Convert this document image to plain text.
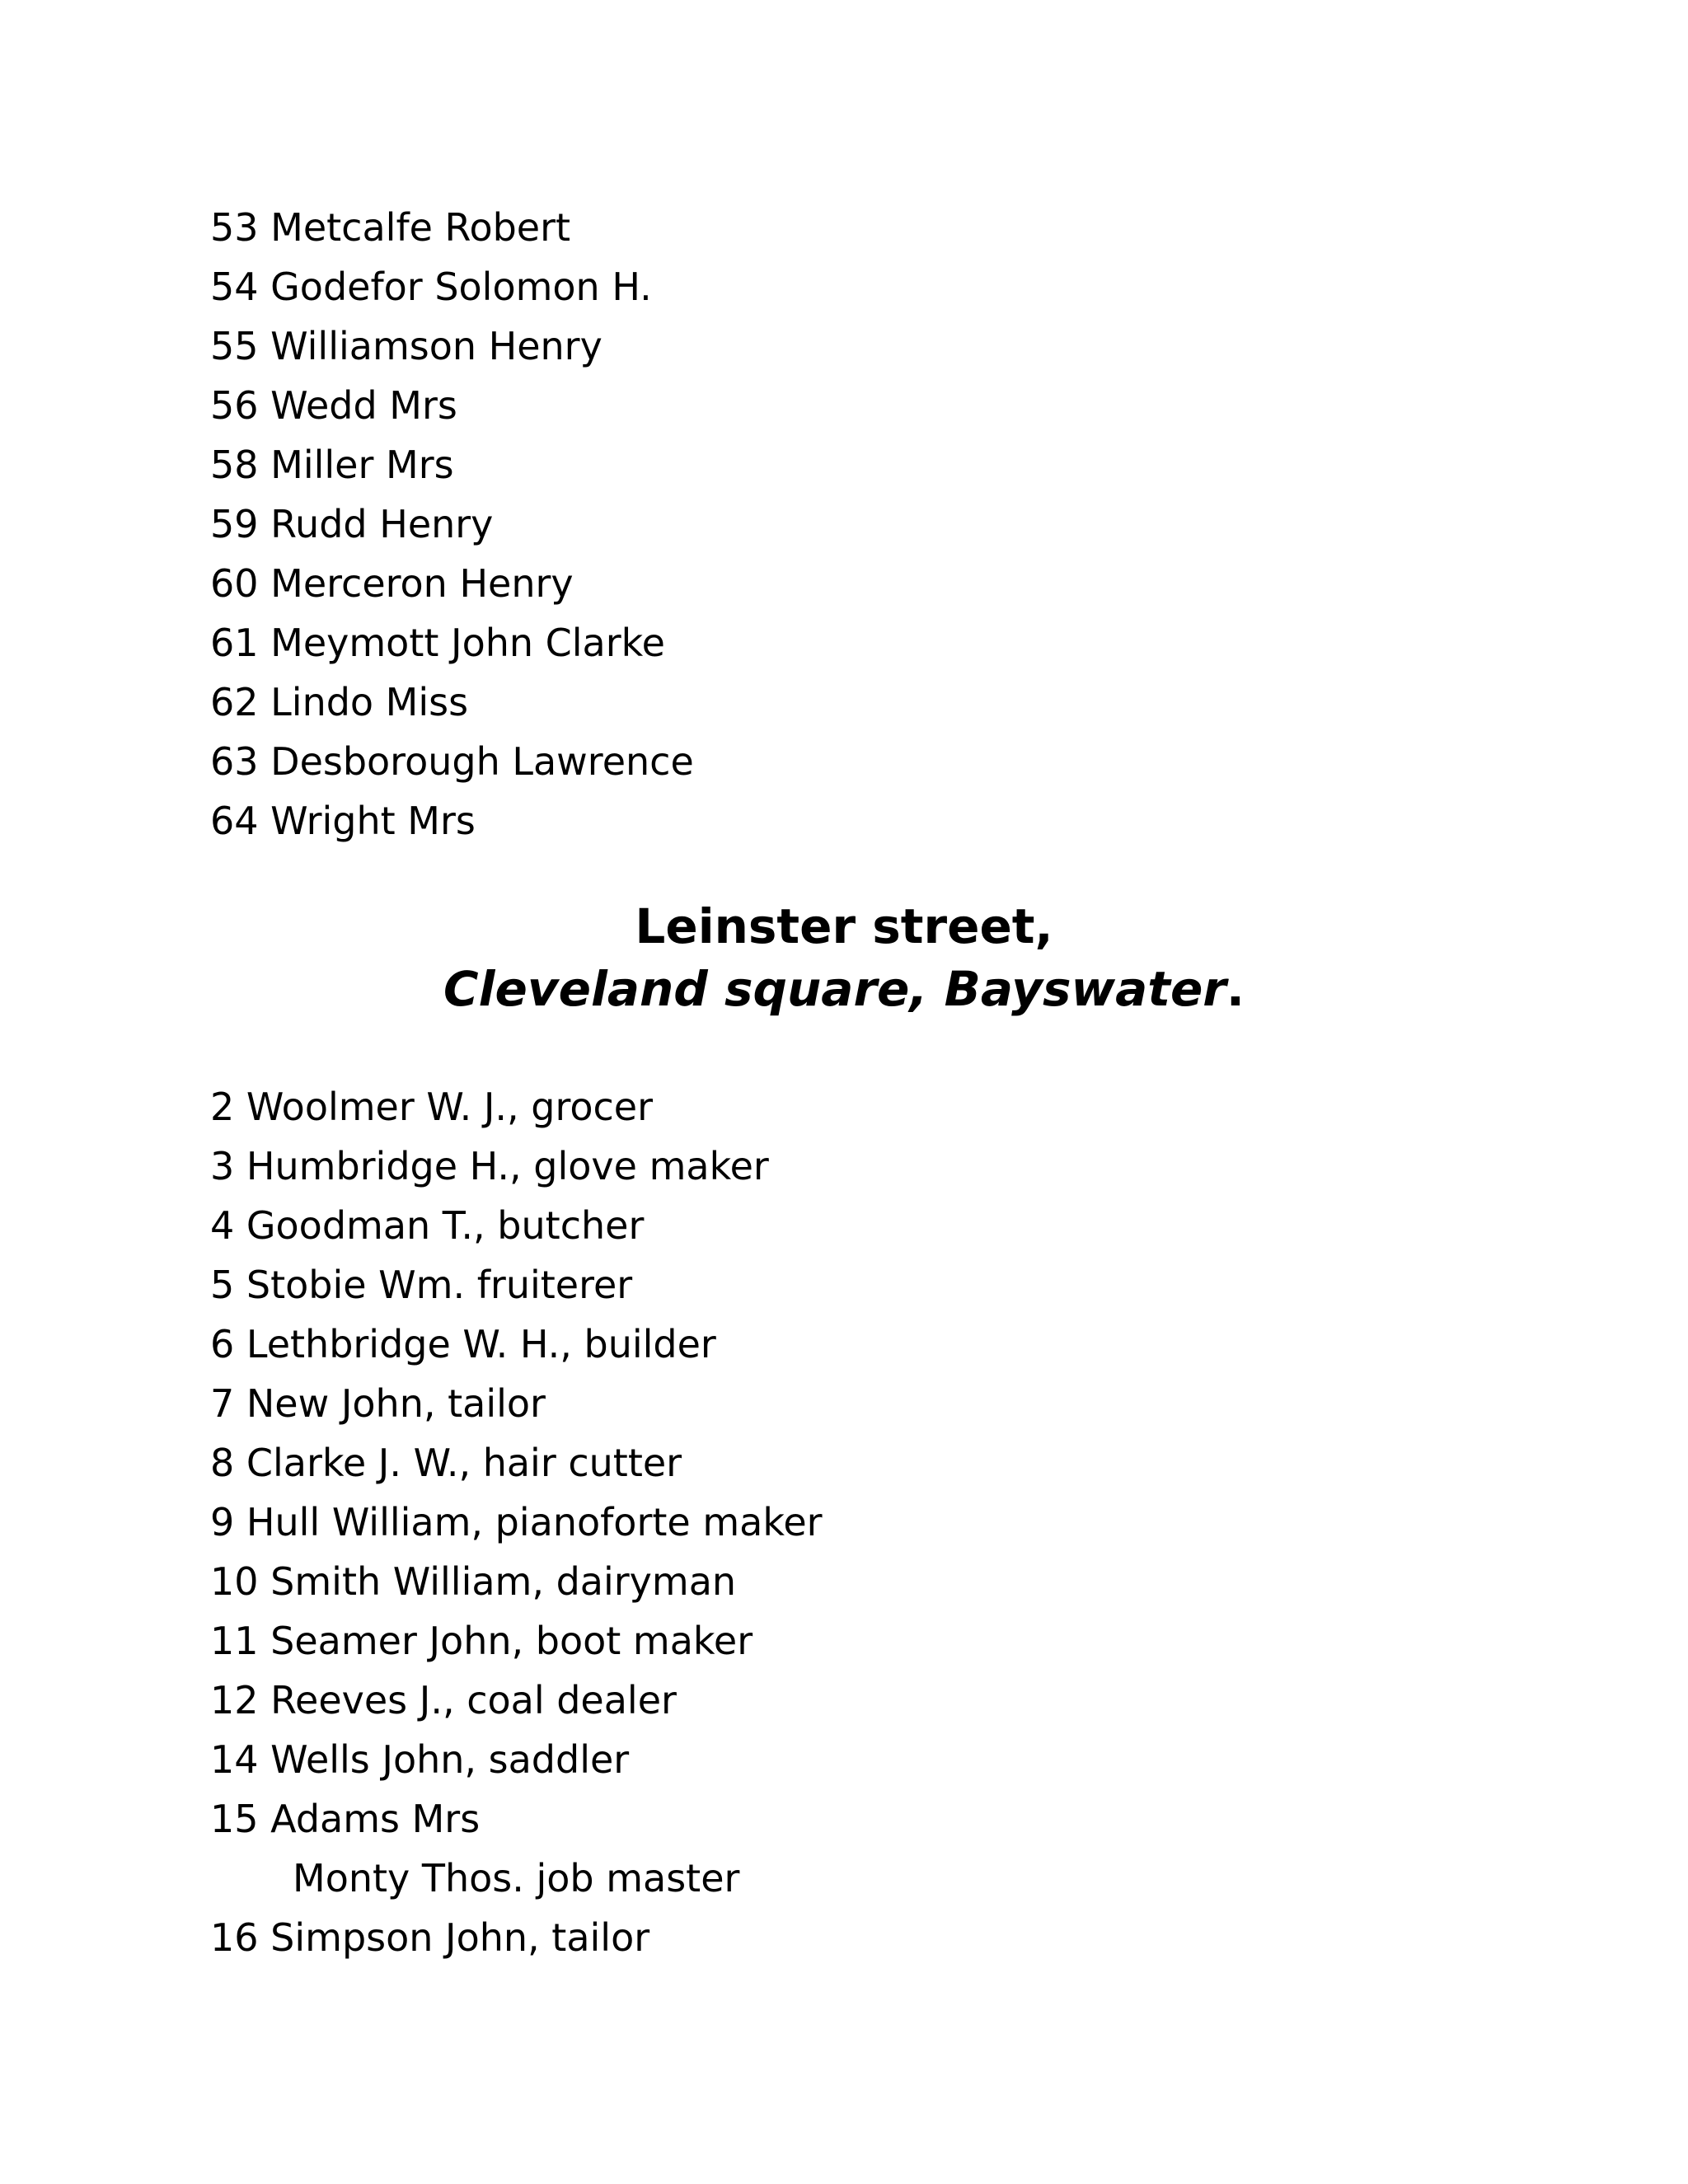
53 Metcalfe Robert
54 Godefor Solomon H.
55 Williamson Henry
56 Wedd Mrs
58 Miller Mrs
59 Rudd Henry
60 Merceron Henry
61 Meymott John Clarke
62 Lindo Miss
63 Desborough Lawrence
64 Wright Mrs
Leinster street,
Cleveland square, Bayswater.
2 Woolmer W. J., grocer
3 Humbridge H., glove maker
4 Goodman T., butcher
5 Stobie Wm. fruiterer
6 Lethbridge W. H., builder
7 New John, tailor
8 Clarke J. W., hair cutter
9 Hull William, pianoforte maker
10 Smith William, dairyman
11 Seamer John, boot maker
12 Reeves J., coal dealer
14 Wells John, saddler
15 Adams Mrs
Monty Thos. job master
16 Simpson John, tailor
